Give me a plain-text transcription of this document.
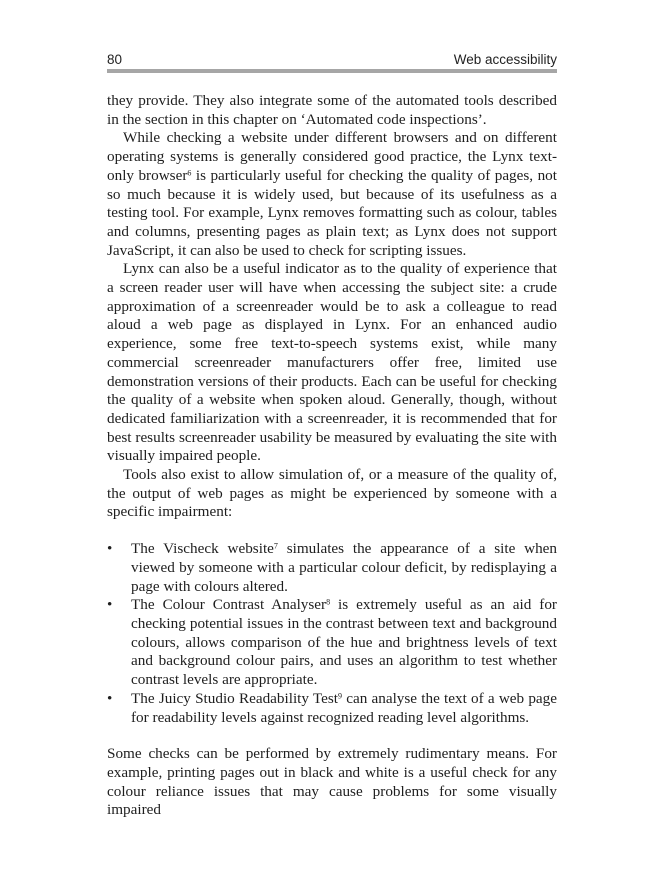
80	Web accessibility

they provide. They also integrate some of the automated tools described in the section in this chapter on ‘Automated code inspections’.

While checking a website under different browsers and on different operating systems is generally considered good practice, the Lynx text-only browser$^6$ is particularly useful for checking the quality of pages, not so much because it is widely used, but because of its usefulness as a testing tool. For example, Lynx removes formatting such as colour, tables and columns, presenting pages as plain text; as Lynx does not support JavaScript, it can also be used to check for scripting issues.

Lynx can also be a useful indicator as to the quality of experience that a screen reader user will have when accessing the subject site: a crude approximation of a screenreader would be to ask a colleague to read aloud a web page as displayed in Lynx. For an enhanced audio experience, some free text-to-speech systems exist, while many commercial screenreader manufacturers offer free, limited use demonstration versions of their products. Each can be useful for checking the quality of a website when spoken aloud. Generally, though, without dedicated familiarization with a screenreader, it is recommended that for best results screenreader usability be measured by evaluating the site with visually impaired people.

Tools also exist to allow simulation of, or a measure of the quality of, the output of web pages as might be experienced by someone with a specific impairment:

• The Vischeck website$^7$ simulates the appearance of a site when viewed by someone with a particular colour deficit, by redisplaying a page with colours altered.
• The Colour Contrast Analyser$^8$ is extremely useful as an aid for checking potential issues in the contrast between text and background colours, allows comparison of the hue and brightness levels of text and background colour pairs, and uses an algorithm to test whether contrast levels are appropriate.
• The Juicy Studio Readability Test$^9$ can analyse the text of a web page for readability levels against recognized reading level algorithms.

Some checks can be performed by extremely rudimentary means. For example, printing pages out in black and white is a useful check for any colour reliance issues that may cause problems for some visually impaired
